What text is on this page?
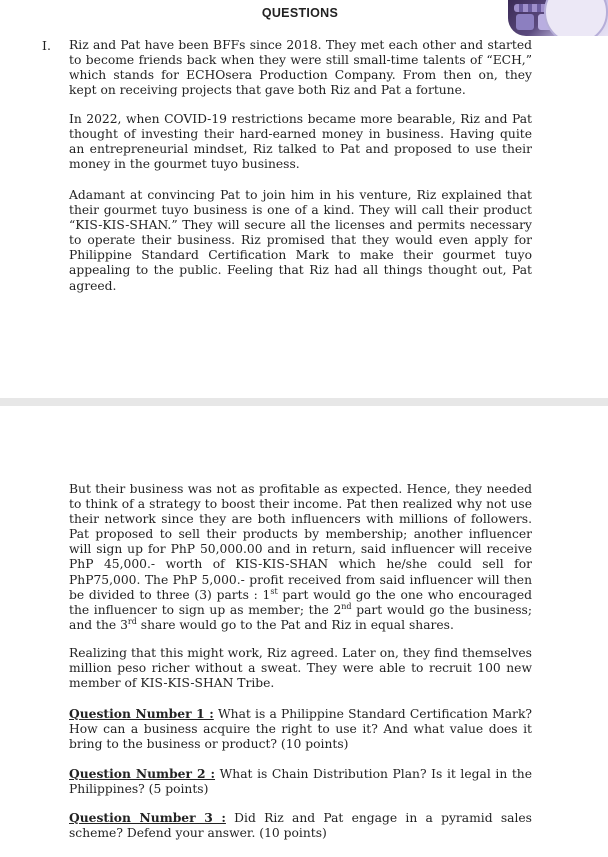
QUESTIONS
I. Riz and Pat have been BFFs since 2018. They met each other and started to become friends back when they were still small-time talents of “ECH,” which stands for ECHOsera Production Company. From then on, they kept on receiving projects that gave both Riz and Pat a fortune.
In 2022, when COVID-19 restrictions became more bearable, Riz and Pat thought of investing their hard-earned money in business. Having quite an entrepreneurial mindset, Riz talked to Pat and proposed to use their money in the gourmet tuyo business.
Adamant at convincing Pat to join him in his venture, Riz explained that their gourmet tuyo business is one of a kind. They will call their product “KIS-KIS-SHAN.” They will secure all the licenses and permits necessary to operate their business. Riz promised that they would even apply for Philippine Standard Certification Mark to make their gourmet tuyo appealing to the public. Feeling that Riz had all things thought out, Pat agreed.
But their business was not as profitable as expected. Hence, they needed to think of a strategy to boost their income. Pat then realized why not use their network since they are both influencers with millions of followers. Pat proposed to sell their products by membership; another influencer will sign up for PhP 50,000.00 and in return, said influencer will receive PhP 45,000.- worth of KIS-KIS-SHAN which he/she could sell for PhP75,000. The PhP 5,000.- profit received from said influencer will then be divided to three (3) parts : 1st part would go the one who encouraged the influencer to sign up as member; the 2nd part would go the business; and the 3rd share would go to the Pat and Riz in equal shares.
Realizing that this might work, Riz agreed. Later on, they find themselves million peso richer without a sweat. They were able to recruit 100 new member of KIS-KIS-SHAN Tribe.
Question Number 1 : What is a Philippine Standard Certification Mark? How can a business acquire the right to use it? And what value does it bring to the business or product? (10 points)
Question Number 2 : What is Chain Distribution Plan? Is it legal in the Philippines? (5 points)
Question Number 3 : Did Riz and Pat engage in a pyramid sales scheme? Defend your answer. (10 points)
